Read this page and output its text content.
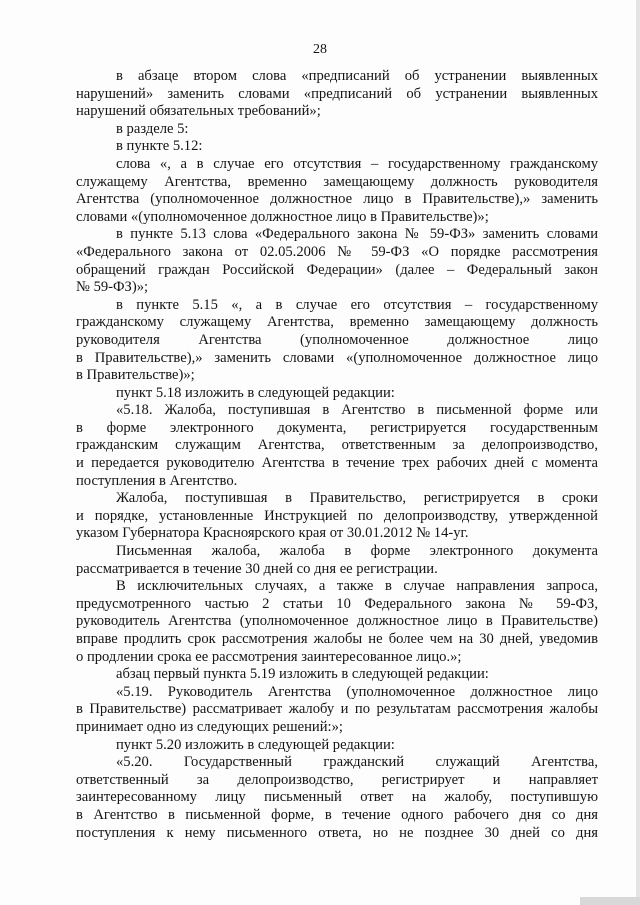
28
в абзаце втором слова «предписаний об устранении выявленных
нарушений» заменить словами «предписаний об устранении выявленных
нарушений обязательных требований»;
в разделе 5:
в пункте 5.12:
слова «, а в случае его отсутствия – государственному гражданскому
служащему Агентства, временно замещающему должность руководителя
Агентства (уполномоченное должностное лицо в Правительстве),» заменить
словами «(уполномоченное должностное лицо в Правительстве)»;
в пункте 5.13 слова «Федерального закона № 59-ФЗ» заменить словами
«Федерального закона от 02.05.2006 № 59-ФЗ «О порядке рассмотрения
обращений граждан Российской Федерации» (далее – Федеральный закон
№ 59-ФЗ)»;
в пункте 5.15 «, а в случае его отсутствия – государственному
гражданскому служащему Агентства, временно замещающему должность
руководителя Агентства (уполномоченное должностное лицо
в Правительстве),» заменить словами «(уполномоченное должностное лицо
в Правительстве)»;
пункт 5.18 изложить в следующей редакции:
«5.18. Жалоба, поступившая в Агентство в письменной форме или
в форме электронного документа, регистрируется государственным
гражданским служащим Агентства, ответственным за делопроизводство,
и передается руководителю Агентства в течение трех рабочих дней с момента
поступления в Агентство.
Жалоба, поступившая в Правительство, регистрируется в сроки
и порядке, установленные Инструкцией по делопроизводству, утвержденной
указом Губернатора Красноярского края от 30.01.2012 № 14-уг.
Письменная жалоба, жалоба в форме электронного документа
рассматривается в течение 30 дней со дня ее регистрации.
В исключительных случаях, а также в случае направления запроса,
предусмотренного частью 2 статьи 10 Федерального закона № 59-ФЗ,
руководитель Агентства (уполномоченное должностное лицо в Правительстве)
вправе продлить срок рассмотрения жалобы не более чем на 30 дней, уведомив
о продлении срока ее рассмотрения заинтересованное лицо.»;
абзац первый пункта 5.19 изложить в следующей редакции:
«5.19. Руководитель Агентства (уполномоченное должностное лицо
в Правительстве) рассматривает жалобу и по результатам рассмотрения жалобы
принимает одно из следующих решений:»;
пункт 5.20 изложить в следующей редакции:
«5.20. Государственный гражданский служащий Агентства,
ответственный за делопроизводство, регистрирует и направляет
заинтересованному лицу письменный ответ на жалобу, поступившую
в Агентство в письменной форме, в течение одного рабочего дня со дня
поступления к нему письменного ответа, но не позднее 30 дней со дня
